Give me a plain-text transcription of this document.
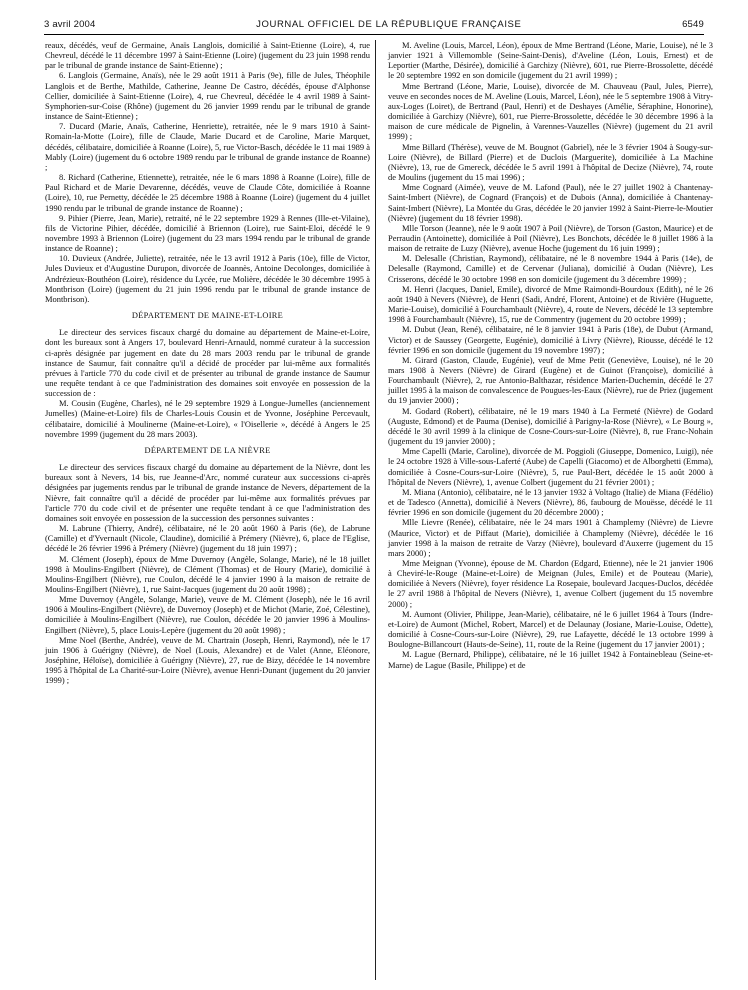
3 avril 2004	JOURNAL OFFICIEL DE LA RÉPUBLIQUE FRANÇAISE	6549

reaux, décédés, veuf de Germaine, Anaïs Langlois, domicilié à Saint-Etienne (Loire), 4, rue Chevreul, décédé le 11 décembre 1997 à Saint-Etienne (Loire) (jugement du 23 juin 1998 rendu par le tribunal de grande instance de Saint-Etienne) ;

6. Langlois (Germaine, Anaïs), née le 29 août 1911 à Paris (9e), fille de Jules, Théophile Langlois et de Berthe, Mathilde, Catherine, Jeanne De Castro, décédés, épouse d'Alphonse Cellier, domiciliée à Saint-Etienne (Loire), 4, rue Chevreul, décédée le 4 avril 1989 à Saint-Symphorien-sur-Coise (Rhône) (jugement du 26 janvier 1999 rendu par le tribunal de grande instance de Saint-Etienne) ;

7. Ducard (Marie, Anaïs, Catherine, Henriette), retraitée, née le 9 mars 1910 à Saint-Romain-la-Motte (Loire), fille de Claude, Marie Ducard et de Caroline, Marie Marquet, décédés, célibataire, domiciliée à Roanne (Loire), 5, rue Victor-Basch, décédée le 11 mai 1989 à Mably (Loire) (jugement du 6 octobre 1989 rendu par le tribunal de grande instance de Roanne) ;

8. Richard (Catherine, Etiennette), retraitée, née le 6 mars 1898 à Roanne (Loire), fille de Paul Richard et de Marie Devarenne, décédés, veuve de Claude Côte, domiciliée à Roanne (Loire), 10, rue Pernetty, décédée le 25 décembre 1988 à Roanne (Loire) (jugement du 4 juillet 1990 rendu par le tribunal de grande instance de Roanne) ;

9. Pihier (Pierre, Jean, Marie), retraité, né le 22 septembre 1929 à Rennes (Ille-et-Vilaine), fils de Victorine Pihier, décédée, domicilié à Briennon (Loire), rue Saint-Eloi, décédé le 9 novembre 1993 à Briennon (Loire) (jugement du 23 mars 1994 rendu par le tribunal de grande instance de Roanne) ;

10. Duvieux (Andrée, Juliette), retraitée, née le 13 avril 1912 à Paris (10e), fille de Victor, Jules Duvieux et d'Augustine Durupon, divorcée de Joannès, Antoine Decolonges, domiciliée à Andrézieux-Bouthéon (Loire), résidence du Lycée, rue Molière, décédée le 30 décembre 1995 à Montbrison (Loire) (jugement du 21 juin 1996 rendu par le tribunal de grande instance de Montbrison).

DÉPARTEMENT DE MAINE-ET-LOIRE

Le directeur des services fiscaux chargé du domaine au département de Maine-et-Loire, dont les bureaux sont à Angers 17, boulevard Henri-Arnauld, nommé curateur à la succession ci-après désignée par jugement en date du 28 mars 2003 rendu par le tribunal de grande instance de Saumur, fait connaître qu'il a décidé de procéder par lui-même aux formalités prévues à l'article 770 du code civil et de présenter au tribunal de grande instance de Saumur une requête tendant à ce que l'administration des domaines soit envoyée en possession de la succession de :

M. Cousin (Eugène, Charles), né le 29 septembre 1929 à Longue-Jumelles (anciennement Jumelles) (Maine-et-Loire) fils de Charles-Louis Cousin et de Yvonne, Joséphine Percevault, célibataire, domicilié à Moulinerne (Maine-et-Loire), « l'Oisellerie », décédé à Angers le 25 novembre 1999 (jugement du 28 mars 2003).

DÉPARTEMENT DE LA NIÈVRE

Le directeur des services fiscaux chargé du domaine au département de la Nièvre, dont les bureaux sont à Nevers, 14 bis, rue Jeanne-d'Arc, nommé curateur aux successions ci-après désignées par jugements rendus par le tribunal de grande instance de Nevers, département de la Nièvre, fait connaître qu'il a décidé de procéder par lui-même aux formalités prévues par l'article 770 du code civil et de présenter une requête tendant à ce que l'administration des domaines soit envoyée en possession de la succession des personnes suivantes :

M. Labrune (Thierry, André), célibataire, né le 20 août 1960 à Paris (6e), de Labrune (Camille) et d'Yvernault (Nicole, Claudine), domicilié à Prémery (Nièvre), 6, place de l'Eglise, décédé le 26 février 1996 à Prémery (Nièvre) (jugement du 18 juin 1997) ;

M. Clément (Joseph), époux de Mme Duvernoy (Angèle, Solange, Marie), né le 18 juillet 1998 à Moulins-Engilbert (Nièvre), de Clément (Thomas) et de Houry (Marie), domicilié à Moulins-Engilbert (Nièvre), rue Coulon, décédé le 4 janvier 1990 à la maison de retraite de Moulins-Engilbert (Nièvre), 1, rue Saint-Jacques (jugement du 20 août 1998) ;

Mme Duvernoy (Angèle, Solange, Marie), veuve de M. Clément (Joseph), née le 16 avril 1906 à Moulins-Engilbert (Nièvre), de Duvernoy (Joseph) et de Michot (Marie, Zoé, Célestine), domiciliée à Moulins-Engilbert (Nièvre), rue Coulon, décédée le 20 janvier 1996 à Moulins-Engilbert (Nièvre), 5, place Louis-Lepère (jugement du 20 août 1998) ;

Mme Noel (Berthe, Andrée), veuve de M. Chartrain (Joseph, Henri, Raymond), née le 17 juin 1906 à Guérigny (Nièvre), de Noel (Louis, Alexandre) et de Valet (Anne, Eléonore, Joséphine, Héloïse), domiciliée à Guérigny (Nièvre), 27, rue de Bizy, décédée le 14 novembre 1995 à l'hôpital de La Charité-sur-Loire (Nièvre), avenue Henri-Dunant (jugement du 20 janvier 1999) ;

M. Aveline (Louis, Marcel, Léon), époux de Mme Bertrand (Léone, Marie, Louise), né le 3 janvier 1921 à Villemomble (Seine-Saint-Denis), d'Aveline (Léon, Louis, Ernest) et de Leportier (Marthe, Désirée), domicilié à Garchizy (Nièvre), 601, rue Pierre-Brossolette, décédé le 20 septembre 1992 en son domicile (jugement du 21 avril 1999) ;

Mme Bertrand (Léone, Marie, Louise), divorcée de M. Chauveau (Paul, Jules, Pierre), veuve en secondes noces de M. Aveline (Louis, Marcel, Léon), née le 5 septembre 1908 à Vitry-aux-Loges (Loiret), de Bertrand (Paul, Henri) et de Deshayes (Amélie, Séraphine, Honorine), domiciliée à Garchizy (Nièvre), 601, rue Pierre-Brossolette, décédée le 30 décembre 1996 à la maison de cure médicale de Pignelin, à Varennes-Vauzelles (Nièvre) (jugement du 21 avril 1999) ;

Mme Billard (Thérèse), veuve de M. Bougnot (Gabriel), née le 3 février 1904 à Sougy-sur-Loire (Nièvre), de Billard (Pierre) et de Duclois (Marguerite), domiciliée à La Machine (Nièvre), 13, rue de Gmereck, décédée le 5 avril 1991 à l'hôpital de Decize (Nièvre), 74, route de Moulins (jugement du 15 mai 1996) ;

Mme Cognard (Aimée), veuve de M. Lafond (Paul), née le 27 juillet 1902 à Chantenay-Saint-Imbert (Nièvre), de Cognard (François) et de Dubois (Anna), domiciliée à Chantenay-Saint-Imbert (Nièvre), La Montée du Gras, décédée le 20 janvier 1992 à Saint-Pierre-le-Moutier (Nièvre) (jugement du 18 février 1998).

Mlle Torson (Jeanne), née le 9 août 1907 à Poil (Nièvre), de Torson (Gaston, Maurice) et de Perraudin (Antoinette), domiciliée à Poil (Nièvre), Les Bonchots, décédée le 8 juillet 1986 à la maison de retraite de Luzy (Nièvre), avenue Hoche (jugement du 16 juin 1999) ;

M. Delesalle (Christian, Raymond), célibataire, né le 8 novembre 1944 à Paris (14e), de Delesalle (Raymond, Camille) et de Cervenar (Juliana), domicilié à Oudan (Nièvre), Les Crisserons, décédé le 30 octobre 1998 en son domicile (jugement du 3 décembre 1999) ;

M. Henri (Jacques, Daniel, Emile), divorcé de Mme Raimondi-Bourdoux (Edith), né le 26 août 1940 à Nevers (Nièvre), de Henri (Sadi, André, Florent, Antoine) et de Rivière (Huguette, Marie-Louise), domicilié à Fourchambault (Nièvre), 4, route de Nevers, décédé le 13 septembre 1998 à Fourchambault (Nièvre), 15, rue de Commentry (jugement du 20 octobre 1999) ;

M. Dubut (Jean, René), célibataire, né le 8 janvier 1941 à Paris (18e), de Dubut (Armand, Victor) et de Saussey (Georgette, Eugénie), domicilié à Livry (Nièvre), Riousse, décédé le 12 février 1996 en son domicile (jugement du 19 novembre 1997) ;

M. Girard (Gaston, Claude, Eugénie), veuf de Mme Petit (Geneviève, Louise), né le 20 mars 1908 à Nevers (Nièvre) de Girard (Eugène) et de Guinot (Françoise), domicilié à Fourchambault (Nièvre), 2, rue Antonio-Balthazar, résidence Marien-Duchemin, décédé le 27 juillet 1995 à la maison de convalescence de Pougues-les-Eaux (Nièvre), rue de Priez (jugement du 19 janvier 2000) ;

M. Godard (Robert), célibataire, né le 19 mars 1940 à La Fermeté (Nièvre) de Godard (Auguste, Edmond) et de Pauma (Denise), domicilié à Parigny-la-Rose (Nièvre), « Le Bourg », décédé le 30 avril 1999 à la clinique de Cosne-Cours-sur-Loire (Nièvre), 8, rue Franc-Nohain (jugement du 19 janvier 2000) ;

Mme Capelli (Marie, Caroline), divorcée de M. Poggioli (Giuseppe, Domenico, Luigi), née le 24 octobre 1928 à Ville-sous-Laferté (Aube) de Capelli (Giacomo) et de Alborghetti (Emma), domiciliée à Cosne-Cours-sur-Loire (Nièvre), 5, rue Paul-Bert, décédée le 15 août 2000 à l'hôpital de Nevers (Nièvre), 1, avenue Colbert (jugement du 21 février 2001) ;

M. Miana (Antonio), célibataire, né le 13 janvier 1932 à Voltago (Italie) de Miana (Fédélio) et de Tadesco (Annetta), domicilié à Nevers (Nièvre), 86, faubourg de Mouësse, décédé le 11 février 1996 en son domicile (jugement du 20 décembre 2000) ;

Mlle Lievre (Renée), célibataire, née le 24 mars 1901 à Champlemy (Nièvre) de Lievre (Maurice, Victor) et de Piffaut (Marie), domiciliée à Champlemy (Nièvre), décédée le 16 janvier 1998 à la maison de retraite de Varzy (Nièvre), boulevard d'Auxerre (jugement du 15 mars 2000) ;

Mme Meignan (Yvonne), épouse de M. Chardon (Edgard, Etienne), née le 21 janvier 1906 à Cheviré-le-Rouge (Maine-et-Loire) de Meignan (Jules, Emile) et de Pouteau (Marie), domiciliée à Nevers (Nièvre), foyer résidence La Rosераie, boulevard Jacques-Duclos, décédée le 27 avril 1988 à l'hôpital de Nevers (Nièvre), 1, avenue Colbert (jugement du 15 novembre 2000) ;

M. Aumont (Olivier, Philippe, Jean-Marie), célibataire, né le 6 juillet 1964 à Tours (Indre-et-Loire) de Aumont (Michel, Robert, Marcel) et de Delaunay (Josiane, Marie-Louise, Odette), domicilié à Cosne-Cours-sur-Loire (Nièvre), 29, rue Lafayette, décédé le 13 octobre 1999 à Boulogne-Billancourt (Hauts-de-Seine), 11, route de la Reine (jugement du 17 janvier 2001) ;

M. Lague (Bernard, Philippe), célibataire, né le 16 juillet 1942 à Fontainebleau (Seine-et-Marne) de Lague (Basile, Philippe) et de
